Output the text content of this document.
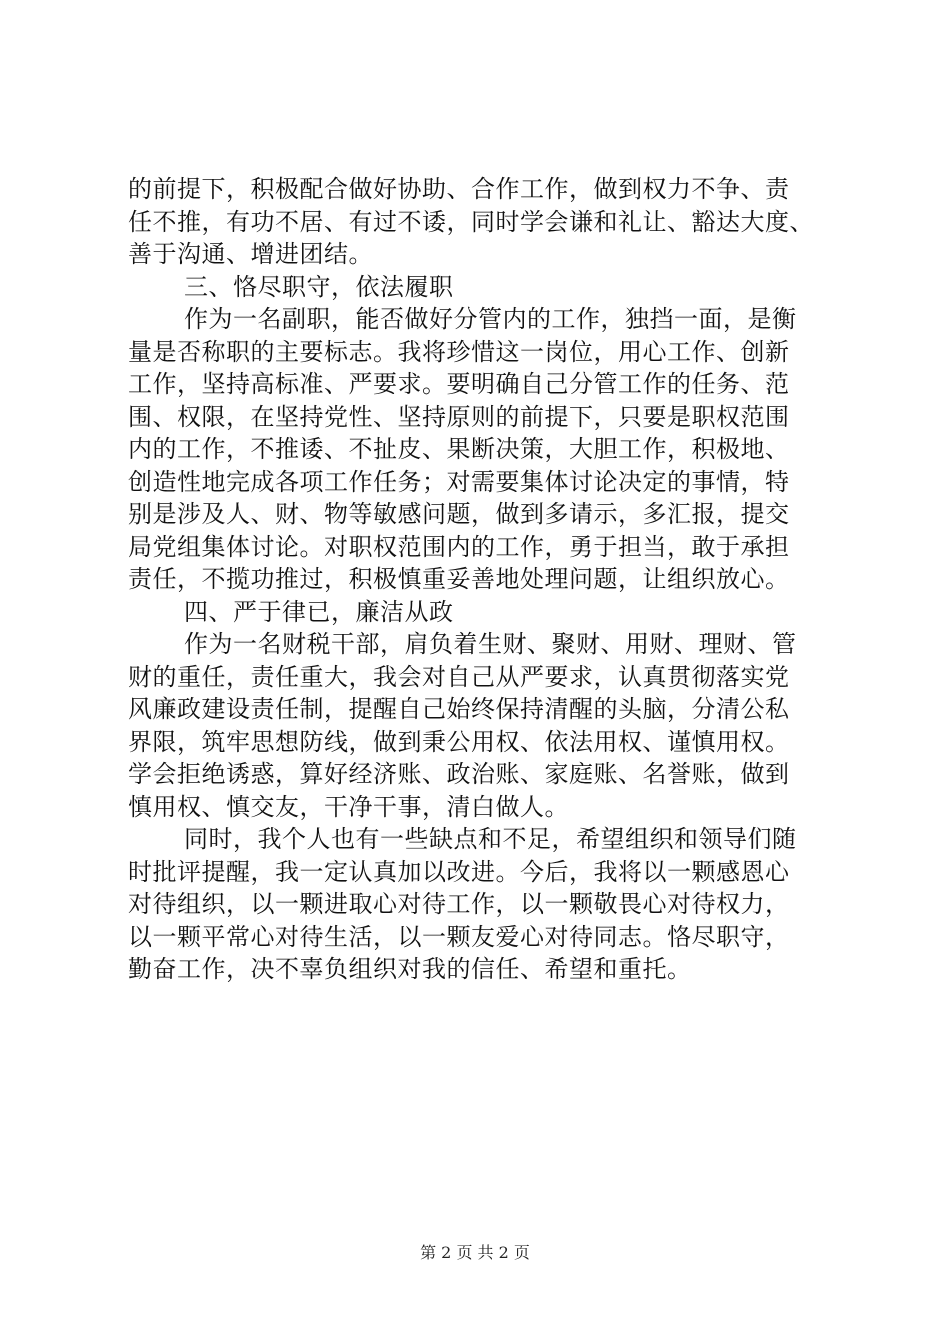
的前提下，积极配合做好协助、合作工作，做到权力不争、责
任不推，有功不居、有过不诿，同时学会谦和礼让、豁达大度、
善于沟通、增进团结。
三、恪尽职守，依法履职
作为一名副职，能否做好分管内的工作，独挡一面，是衡
量是否称职的主要标志。我将珍惜这一岗位，用心工作、创新
工作，坚持高标准、严要求。要明确自己分管工作的任务、范
围、权限，在坚持党性、坚持原则的前提下，只要是职权范围
内的工作，不推诿、不扯皮、果断决策，大胆工作，积极地、
创造性地完成各项工作任务；对需要集体讨论决定的事情，特
别是涉及人、财、物等敏感问题，做到多请示，多汇报，提交
局党组集体讨论。对职权范围内的工作，勇于担当，敢于承担
责任，不揽功推过，积极慎重妥善地处理问题，让组织放心。
四、严于律已，廉洁从政
作为一名财税干部，肩负着生财、聚财、用财、理财、管
财的重任，责任重大，我会对自己从严要求，认真贯彻落实党
风廉政建设责任制，提醒自己始终保持清醒的头脑，分清公私
界限，筑牢思想防线，做到秉公用权、依法用权、谨慎用权。
学会拒绝诱惑，算好经济账、政治账、家庭账、名誉账，做到
慎用权、慎交友，干净干事，清白做人。
同时，我个人也有一些缺点和不足，希望组织和领导们随
时批评提醒，我一定认真加以改进。今后，我将以一颗感恩心
对待组织，以一颗进取心对待工作，以一颗敬畏心对待权力，
以一颗平常心对待生活，以一颗友爱心对待同志。恪尽职守，
勤奋工作，决不辜负组织对我的信任、希望和重托。
第 2 页 共 2 页
